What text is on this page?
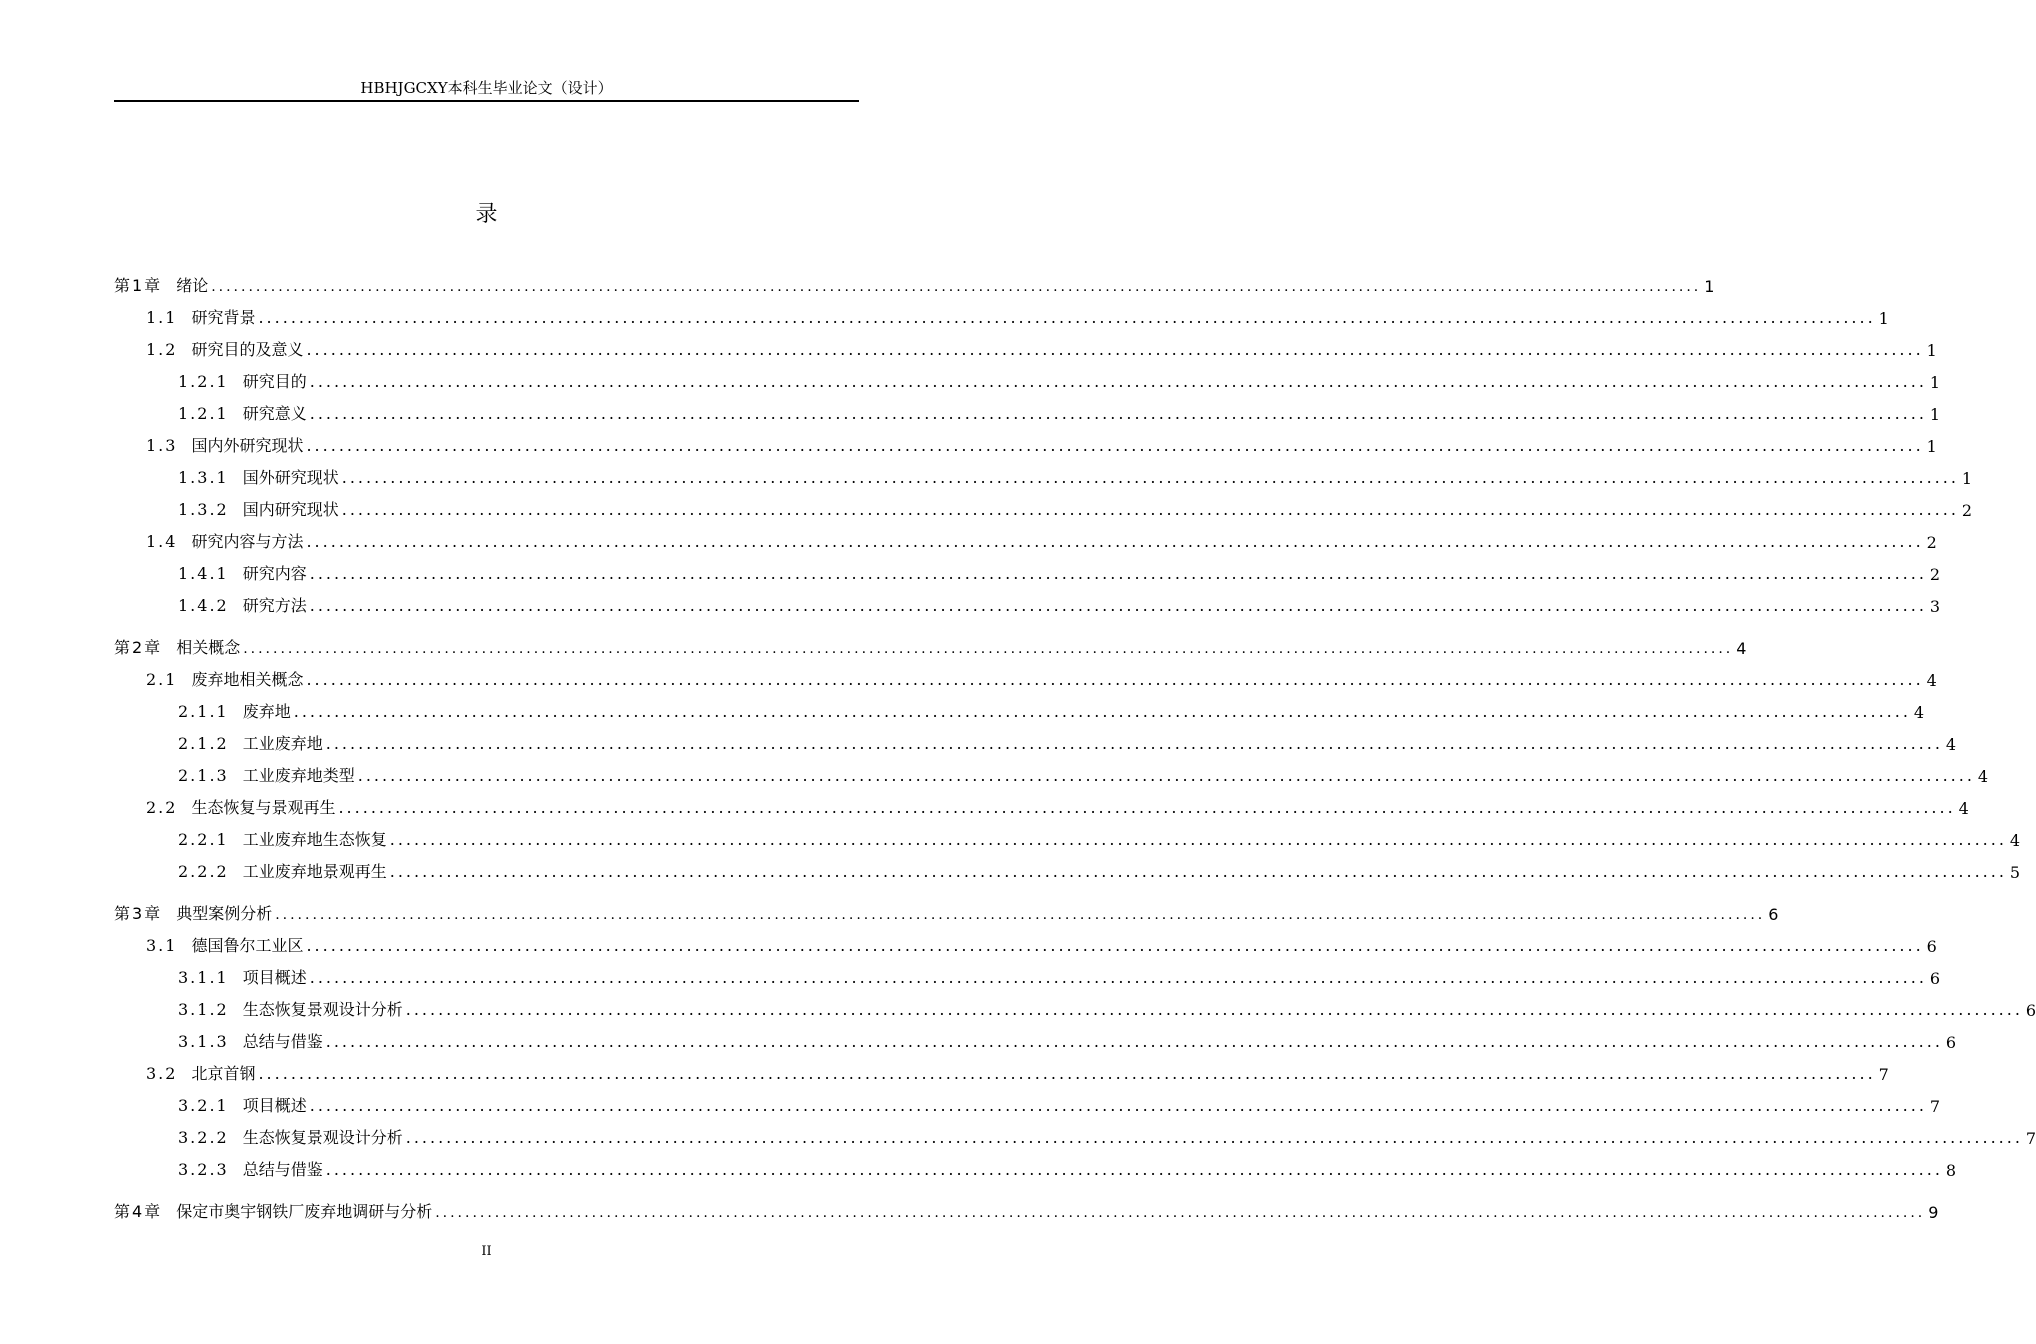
HBHJGCXY本科生毕业论文（设计）
录
第1章 绪论 ........................................................................................................................................................................................................ 1
1.1 研究背景 ........................................................................................................................................................................................................ 1
1.2 研究目的及意义 ........................................................................................................................................................................................................ 1
1.2.1 研究目的 ........................................................................................................................................................................................................ 1
1.2.1 研究意义 ........................................................................................................................................................................................................ 1
1.3 国内外研究现状 ........................................................................................................................................................................................................ 1
1.3.1 国外研究现状 ........................................................................................................................................................................................................ 1
1.3.2 国内研究现状 ........................................................................................................................................................................................................ 2
1.4 研究内容与方法 ........................................................................................................................................................................................................ 2
1.4.1 研究内容 ........................................................................................................................................................................................................ 2
1.4.2 研究方法 ........................................................................................................................................................................................................ 3
第2章 相关概念 ........................................................................................................................................................................................................ 4
2.1 废弃地相关概念 ........................................................................................................................................................................................................ 4
2.1.1 废弃地 ........................................................................................................................................................................................................ 4
2.1.2 工业废弃地 ........................................................................................................................................................................................................ 4
2.1.3 工业废弃地类型 ........................................................................................................................................................................................................ 4
2.2 生态恢复与景观再生 ........................................................................................................................................................................................................ 4
2.2.1 工业废弃地生态恢复 ........................................................................................................................................................................................................ 4
2.2.2 工业废弃地景观再生 ........................................................................................................................................................................................................ 5
第3章 典型案例分析 ........................................................................................................................................................................................................ 6
3.1 德国鲁尔工业区 ........................................................................................................................................................................................................ 6
3.1.1 项目概述 ........................................................................................................................................................................................................ 6
3.1.2 生态恢复景观设计分析 ........................................................................................................................................................................................................ 6
3.1.3 总结与借鉴 ........................................................................................................................................................................................................ 6
3.2 北京首钢 ........................................................................................................................................................................................................ 7
3.2.1 项目概述 ........................................................................................................................................................................................................ 7
3.2.2 生态恢复景观设计分析 ........................................................................................................................................................................................................ 7
3.2.3 总结与借鉴 ........................................................................................................................................................................................................ 8
第4章 保定市奥宇钢铁厂废弃地调研与分析 ........................................................................................................................................................................................................ 9
II
